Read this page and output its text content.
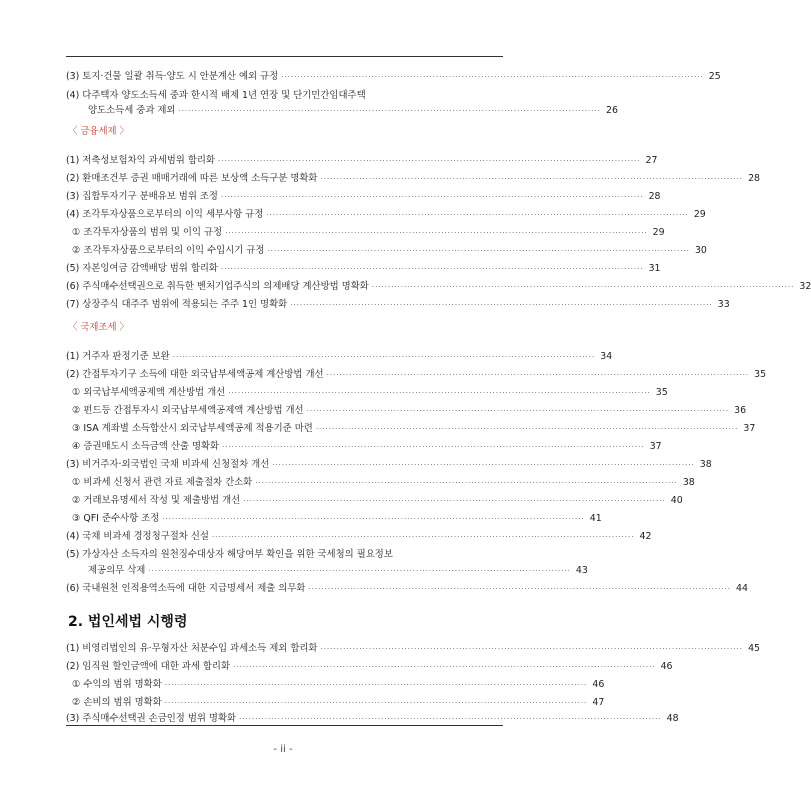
(3) 토지·건물 일괄 취득·양도 시 안분계산 예외 규정 ··································································································································· 25
(4) 다주택자 양도소득세 중과 한시적 배제 1년 연장 및 단기민간임대주택
양도소득세 중과 제외 ··································································································································· 26
〈 금융세제 〉
(1) 저축성보험차익 과세범위 합리화 ··································································································································· 27
(2) 환매조건부 증권 매매거래에 따른 보상액 소득구분 명확화 ··································································································································· 28
(3) 집합투자기구 분배유보 범위 조정 ··································································································································· 28
(4) 조각투자상품으로부터의 이익 세부사항 규정 ··································································································································· 29
① 조각투자상품의 범위 및 이익 규정 ··································································································································· 29
② 조각투자상품으로부터의 이익 수입시기 규정 ··································································································································· 30
(5) 자본잉여금 감액배당 범위 합리화 ··································································································································· 31
(6) 주식매수선택권으로 취득한 벤처기업주식의 의제배당 계산방법 명확화 ··································································································································· 32
(7) 상장주식 대주주 범위에 적용되는 주주 1인 명확화 ··································································································································· 33
〈 국제조세 〉
(1) 거주자 판정기준 보완 ··································································································································· 34
(2) 간접투자기구 소득에 대한 외국납부세액공제 계산방법 개선 ··································································································································· 35
① 외국납부세액공제액 계산방법 개선 ··································································································································· 35
② 펀드등 간접투자시 외국납부세액공제액 계산방법 개선 ··································································································································· 36
③ ISA 계좌별 소득합산시 외국납부세액공제 적용기준 마련 ··································································································································· 37
④ 증권매도시 소득금액 산출 명확화 ··································································································································· 37
(3) 비거주자·외국법인 국채 비과세 신청절차 개선 ··································································································································· 38
① 비과세 신청서 관련 자료 제출절차 간소화 ··································································································································· 38
② 거래보유명세서 작성 및 제출방법 개선 ··································································································································· 40
③ QFI 준수사항 조정 ··································································································································· 41
(4) 국채 비과세 경정청구절차 신설 ··································································································································· 42
(5) 가상자산 소득자의 원천징수대상자 해당여부 확인을 위한 국세청의 필요정보
제공의무 삭제 ··································································································································· 43
(6) 국내원천 인적용역소득에 대한 지급명세서 제출 의무화 ··································································································································· 44
2. 법인세법 시행령
(1) 비영리법인의 유·무형자산 처분수입 과세소득 제외 합리화 ··································································································································· 45
(2) 임직원 할인금액에 대한 과세 합리화 ··································································································································· 46
① 수익의 범위 명확화 ··································································································································· 46
② 손비의 범위 명확화 ··································································································································· 47
(3) 주식매수선택권 손금인정 범위 명확화 ··································································································································· 48
- ii -
